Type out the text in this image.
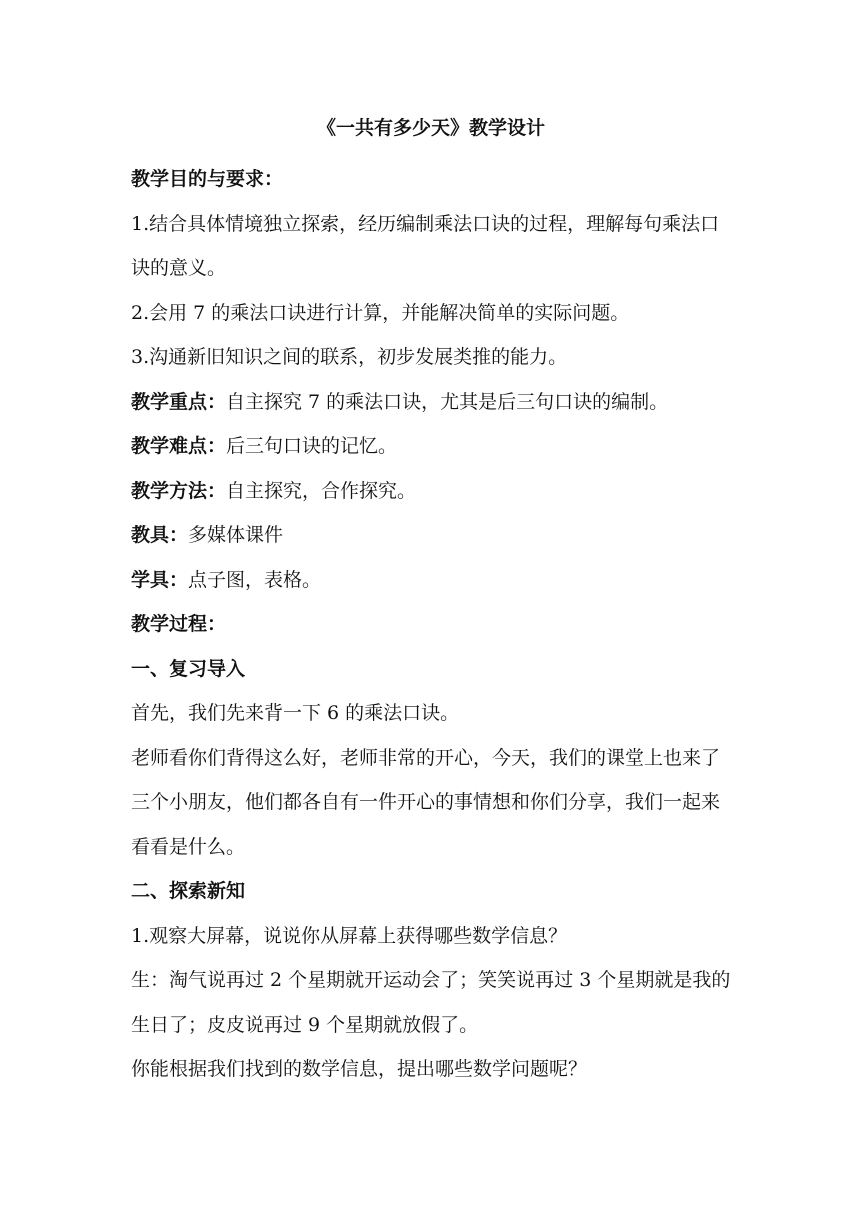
《一共有多少天》教学设计

教学目的与要求：

1.结合具体情境独立探索，经历编制乘法口诀的过程，理解每句乘法口诀的意义。

2.会用 7 的乘法口诀进行计算，并能解决简单的实际问题。

3.沟通新旧知识之间的联系，初步发展类推的能力。

教学重点：自主探究 7 的乘法口诀，尤其是后三句口诀的编制。

教学难点：后三句口诀的记忆。

教学方法：自主探究，合作探究。

教具：多媒体课件

学具：点子图，表格。

教学过程：

一、复习导入

首先，我们先来背一下 6 的乘法口诀。

老师看你们背得这么好，老师非常的开心，今天，我们的课堂上也来了三个小朋友，他们都各自有一件开心的事情想和你们分享，我们一起来看看是什么。

二、探索新知

1.观察大屏幕，说说你从屏幕上获得哪些数学信息？

生：淘气说再过 2 个星期就开运动会了；笑笑说再过 3 个星期就是我的生日了；皮皮说再过 9 个星期就放假了。

你能根据我们找到的数学信息，提出哪些数学问题呢？
